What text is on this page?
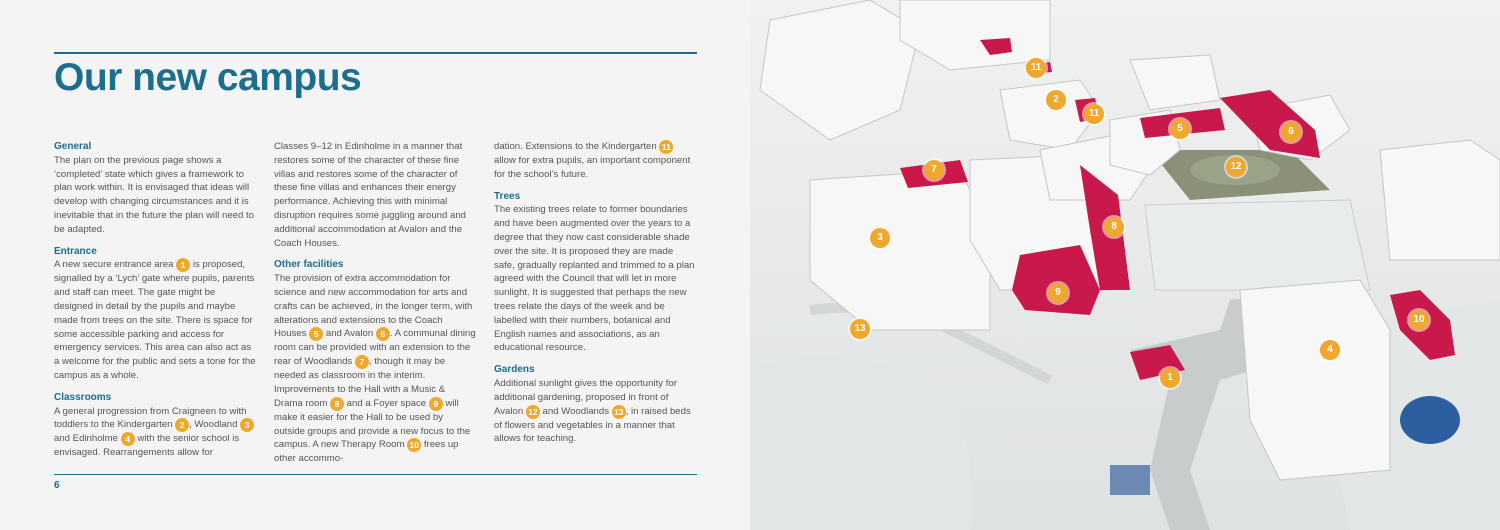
Our new campus
General
The plan on the previous page shows a ‘completed’ state which gives a framework to plan work within. It is envisaged that ideas will develop with changing circumstances and it is inevitable that in the future the plan will need to be adapted.
Entrance
A new secure entrance area 1 is proposed, signalled by a ‘Lych’ gate where pupils, parents and staff can meet. The gate might be designed in detail by the pupils and maybe made from trees on the site. There is space for some accessible parking and access for emergency services. This area can also act as a welcome for the public and sets a tone for the campus as a whole.
Classrooms
A general progression from Craigneen to with toddlers to the Kindergarten 2 , Woodland 3 and Edinholme 4 with the senior school is envisaged. Rearrangements allow for
Classes 9–12 in Edinholme in a manner that restores some of the character of these fine villas and restores some of the character of these fine villas and enhances their energy performance. Achieving this with minimal disruption requires some juggling around and additional accommodation at Avalon and the Coach Houses.
Other facilities
The provision of extra accommodation for science and new accommodation for arts and crafts can be achieved, in the longer term, with alterations and extensions to the Coach Houses 5 and Avalon 6 . A communal dining room can be provided with an extension to the rear of Woodlands 7 , though it may be needed as classroom in the interim. Improvements to the Hall with a Music & Drama room 8 and a Foyer space 9 will make it easier for the Hall to be used by outside groups and provide a new focus to the campus. A new Therapy Room 10 frees up other accommo-
dation. Extensions to the Kindergarten 11 allow for extra pupils, an important component for the school’s future.
Trees
The existing trees relate to former boundaries and have been augmented over the years to a degree that they now cast considerable shade over the site. It is proposed they are made safe, gradually replanted and trimmed to a plan agreed with the Council that will let in more sunlight. It is suggested that perhaps the new trees relate the days of the week and be labelled with their numbers, botanical and English names and associations, as an educational resource.
Gardens
Additional sunlight gives the opportunity for additional gardening, proposed in front of Avalon 12 and Woodlands 13 , in raised beds of flowers and vegetables in a manner that allows for teaching.
6
11
2
11
5	6
7	12
3
8
9
13
10
4
1
